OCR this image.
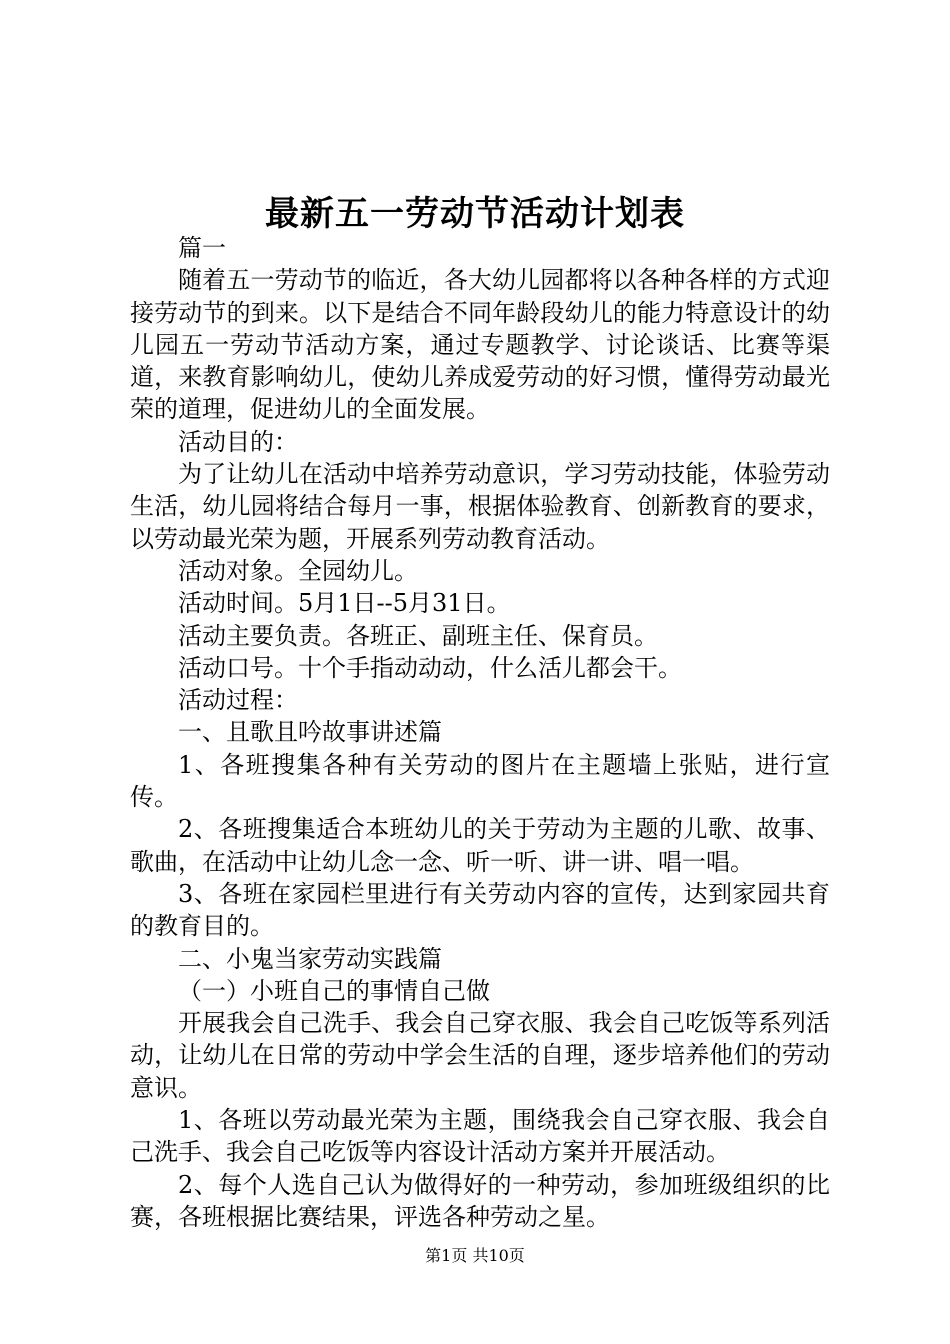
最新五一劳动节活动计划表

篇一

随着五一劳动节的临近，各大幼儿园都将以各种各样的方式迎接劳动节的到来。以下是结合不同年龄段幼儿的能力特意设计的幼儿园五一劳动节活动方案，通过专题教学、讨论谈话、比赛等渠道，来教育影响幼儿，使幼儿养成爱劳动的好习惯，懂得劳动最光荣的道理，促进幼儿的全面发展。

活动目的：

为了让幼儿在活动中培养劳动意识，学习劳动技能，体验劳动生活，幼儿园将结合每月一事，根据体验教育、创新教育的要求，以劳动最光荣为题，开展系列劳动教育活动。

活动对象。全园幼儿。

活动时间。5月1日--5月31日。

活动主要负责。各班正、副班主任、保育员。

活动口号。十个手指动动动，什么活儿都会干。

活动过程：

一、且歌且吟故事讲述篇

1、各班搜集各种有关劳动的图片在主题墙上张贴，进行宣传。

2、各班搜集适合本班幼儿的关于劳动为主题的儿歌、故事、歌曲，在活动中让幼儿念一念、听一听、讲一讲、唱一唱。

3、各班在家园栏里进行有关劳动内容的宣传，达到家园共育的教育目的。

二、小鬼当家劳动实践篇

（一）小班自己的事情自己做

开展我会自己洗手、我会自己穿衣服、我会自己吃饭等系列活动，让幼儿在日常的劳动中学会生活的自理，逐步培养他们的劳动意识。

1、各班以劳动最光荣为主题，围绕我会自己穿衣服、我会自己洗手、我会自己吃饭等内容设计活动方案并开展活动。

2、每个人选自己认为做得好的一种劳动，参加班级组织的比赛，各班根据比赛结果，评选各种劳动之星。

第1页 共10页
